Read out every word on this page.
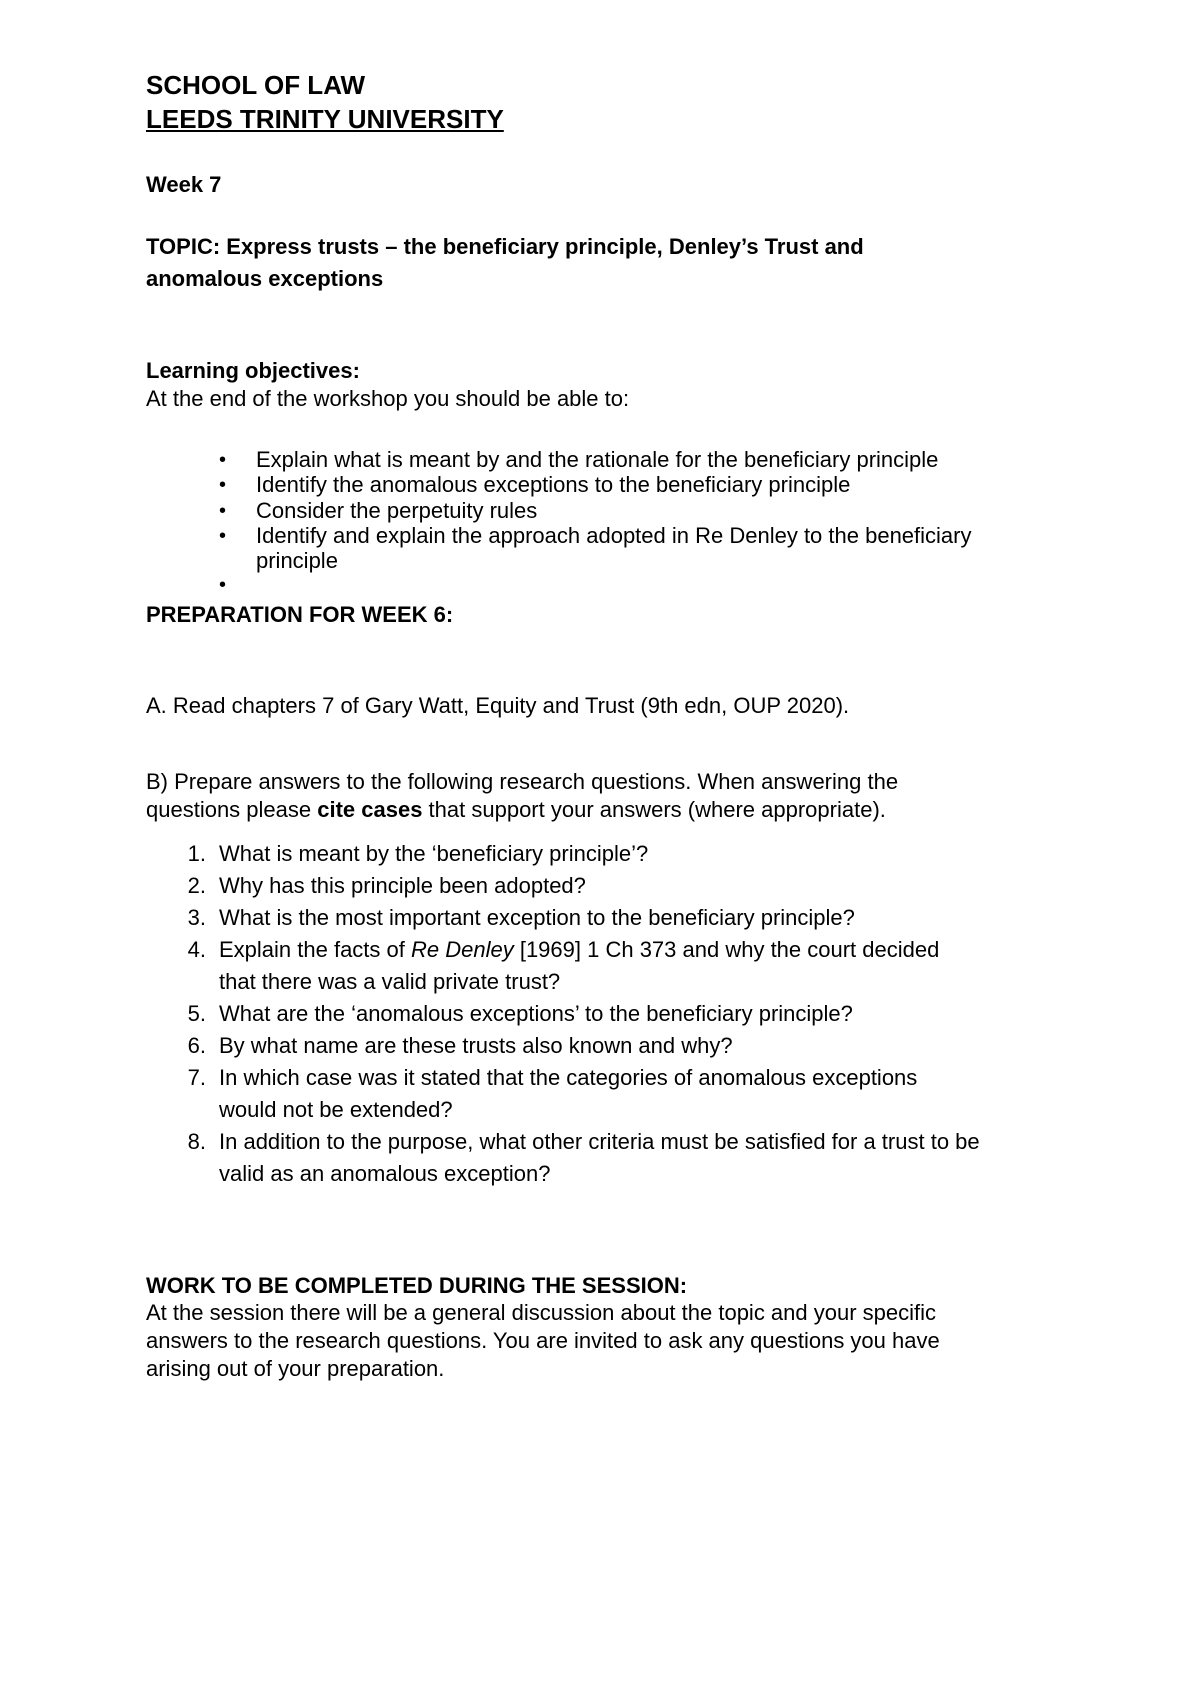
SCHOOL OF LAW
LEEDS TRINITY UNIVERSITY
Week 7
TOPIC: Express trusts – the beneficiary principle, Denley’s Trust and
anomalous exceptions
Learning objectives:
At the end of the workshop you should be able to:
• Explain what is meant by and the rationale for the beneficiary principle
• Identify the anomalous exceptions to the beneficiary principle
• Consider the perpetuity rules
• Identify and explain the approach adopted in Re Denley to the beneficiary
principle
•
PREPARATION FOR WEEK 6:
A. Read chapters 7 of Gary Watt, Equity and Trust (9th edn, OUP 2020).
B) Prepare answers to the following research questions. When answering the
questions please cite cases that support your answers (where appropriate).
1. What is meant by the ‘beneficiary principle’?
2. Why has this principle been adopted?
3. What is the most important exception to the beneficiary principle?
4. Explain the facts of Re Denley [1969] 1 Ch 373 and why the court decided
that there was a valid private trust?
5. What are the ‘anomalous exceptions’ to the beneficiary principle?
6. By what name are these trusts also known and why?
7. In which case was it stated that the categories of anomalous exceptions
would not be extended?
8. In addition to the purpose, what other criteria must be satisfied for a trust to be
valid as an anomalous exception?
WORK TO BE COMPLETED DURING THE SESSION:
At the session there will be a general discussion about the topic and your specific
answers to the research questions. You are invited to ask any questions you have
arising out of your preparation.
